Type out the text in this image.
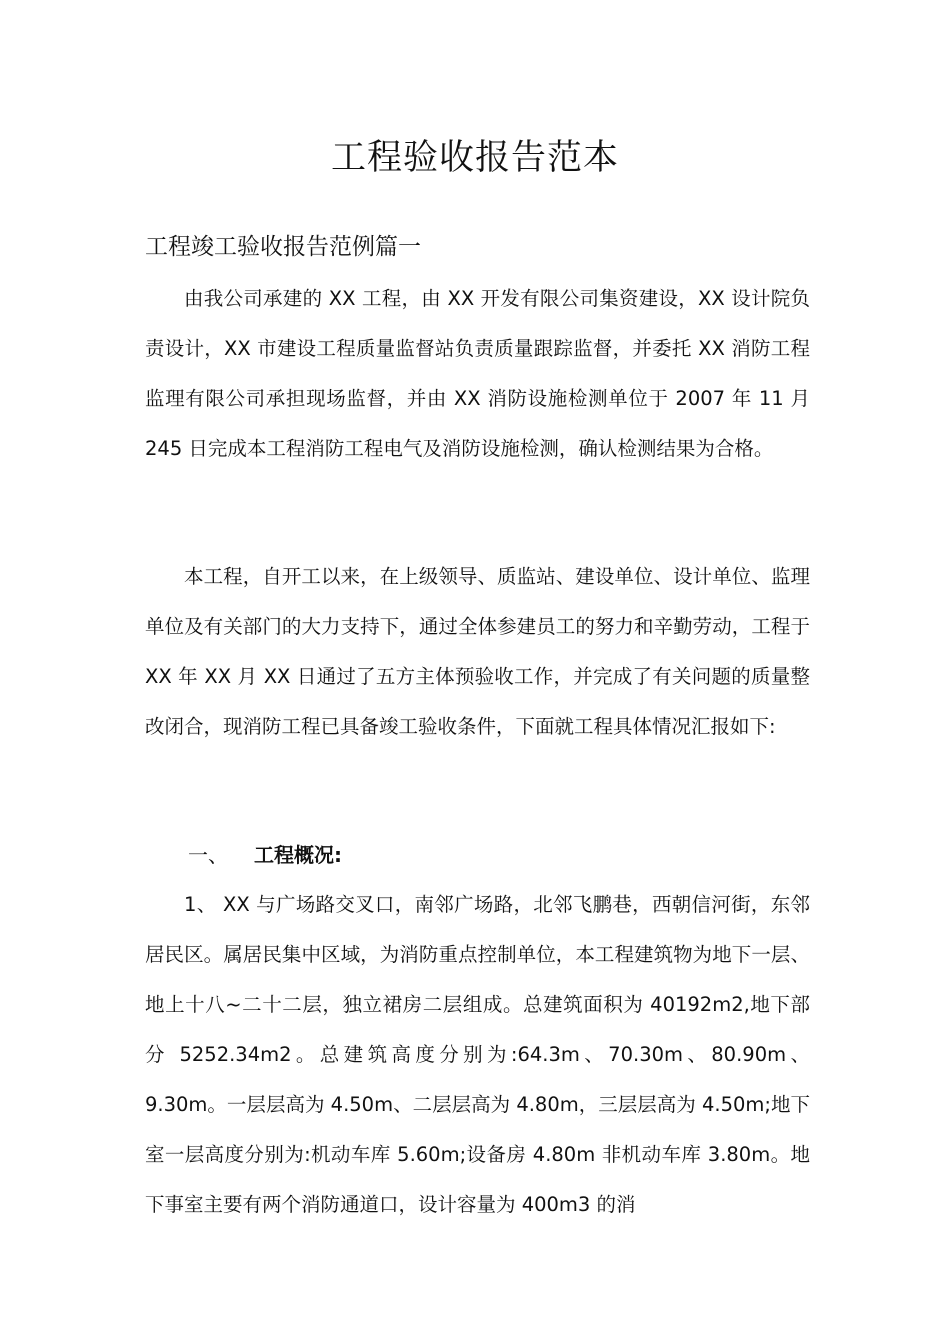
工程验收报告范本
工程竣工验收报告范例篇一

由我公司承建的 XX 工程，由 XX 开发有限公司集资建设，XX 设计院负责设计，XX 市建设工程质量监督站负责质量跟踪监督，并委托 XX 消防工程监理有限公司承担现场监督，并由 XX 消防设施检测单位于 2007 年 11 月 245 日完成本工程消防工程电气及消防设施检测，确认检测结果为合格。

本工程，自开工以来，在上级领导、质监站、建设单位、设计单位、监理单位及有关部门的大力支持下，通过全体参建员工的努力和辛勤劳动，工程于 XX 年 XX 月 XX 日通过了五方主体预验收工作，并完成了有关问题的质量整改闭合，现消防工程已具备竣工验收条件，下面就工程具体情况汇报如下:

一、 工程概况:

1、 XX 与广场路交叉口，南邻广场路，北邻飞鹏巷，西朝信河街，东邻居民区。属居民集中区域，为消防重点控制单位，本工程建筑物为地下一层、地上十八~二十二层，独立裙房二层组成。总建筑面积为 40192m2,地下部分 5252.34m2。总建筑高度分别为:64.3m、70.30m、80.90m、9.30m。一层层高为 4.50m、二层层高为 4.80m，三层层高为 4.50m;地下室一层高度分别为:机动车库 5.60m;设备房 4.80m 非机动车库 3.80m。地下事室主要有两个消防通道口，设计容量为 400m3 的消
